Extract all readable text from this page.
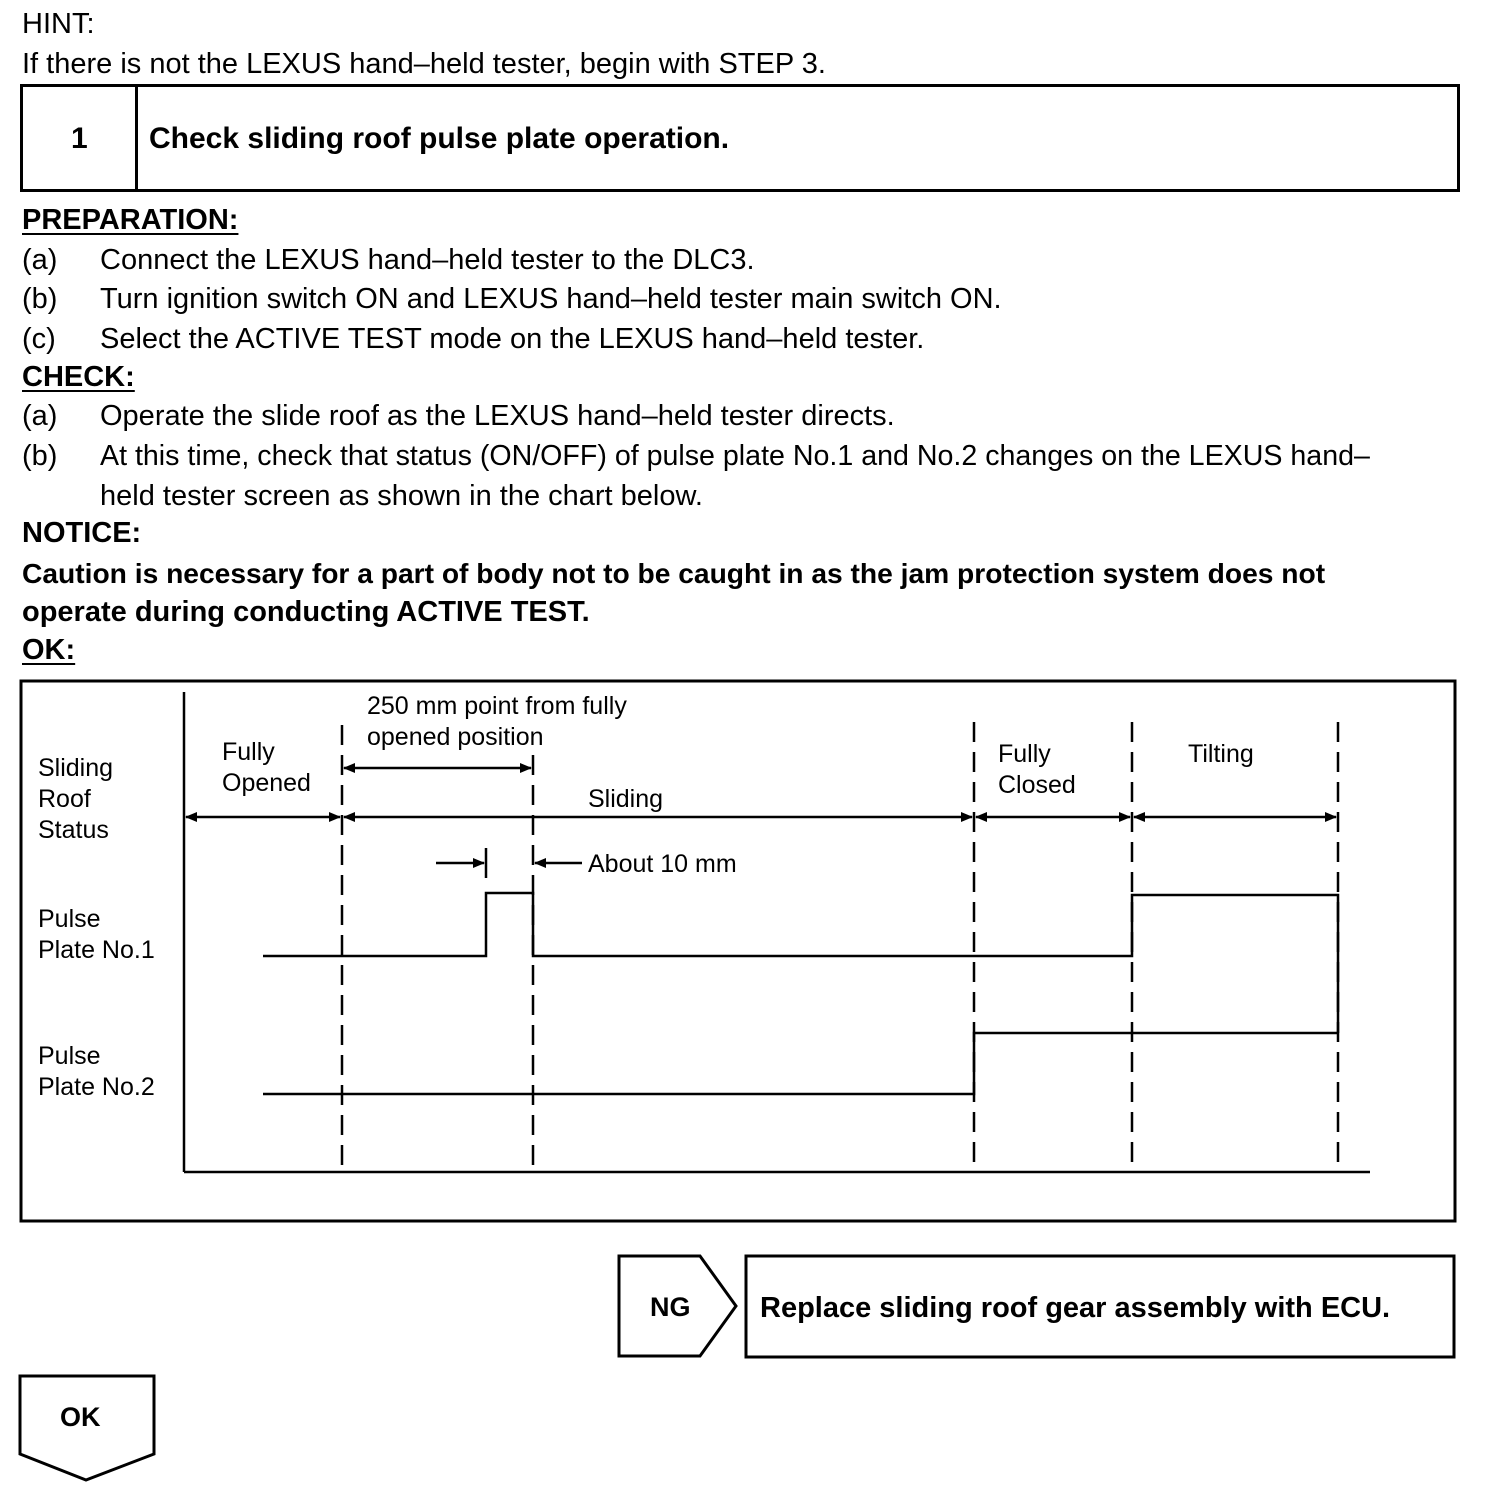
HINT:
If there is not the LEXUS hand–held tester, begin with STEP 3.
1 Check sliding roof pulse plate operation.
PREPARATION:
(a) Connect the LEXUS hand–held tester to the DLC3.
(b) Turn ignition switch ON and LEXUS hand–held tester main switch ON.
(c) Select the ACTIVE TEST mode on the LEXUS hand–held tester.
CHECK:
(a) Operate the slide roof as the LEXUS hand–held tester directs.
(b) At this time, check that status (ON/OFF) of pulse plate No.1 and No.2 changes on the LEXUS hand–
held tester screen as shown in the chart below.
NOTICE:
Caution is necessary for a part of body not to be caught in as the jam protection system does not
operate during conducting ACTIVE TEST.
OK:
Sliding
Roof
Status
Pulse
Plate No.1
Pulse
Plate No.2
Fully
Opened
250 mm point from fully
opened position
Sliding
Fully
Closed
Tilting
About 10 mm
NG Replace sliding roof gear assembly with ECU.
OK
